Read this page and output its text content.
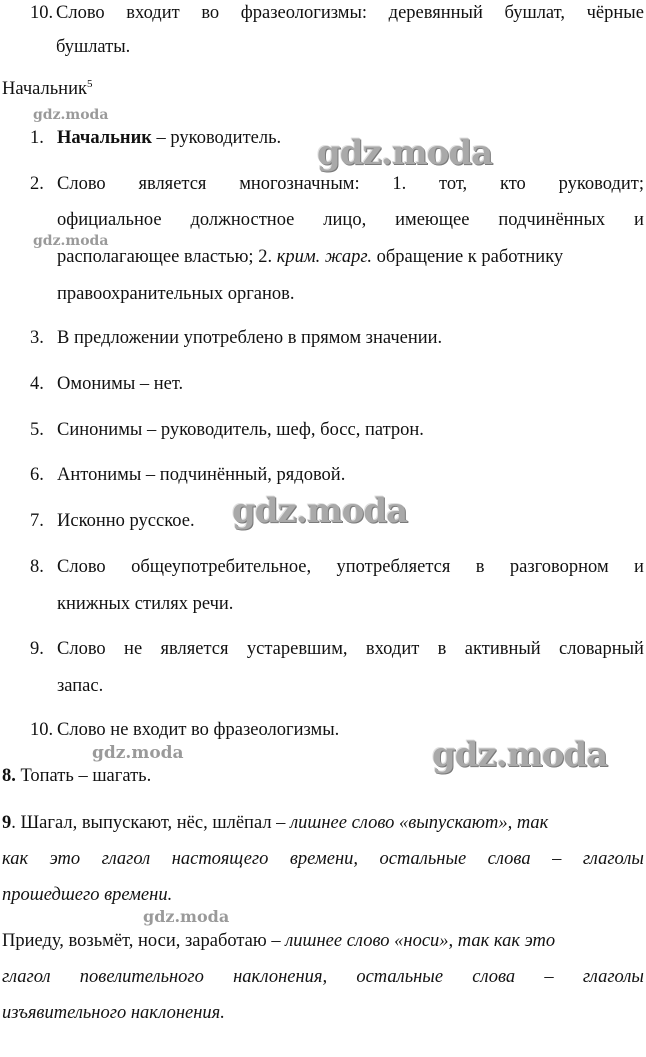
10. Слово входит во фразеологизмы: деревянный бушлат, чёрные
бушлаты.
Начальник$^5$
1. Начальник – руководитель.
2. Слово является многозначным: 1. тот, кто руководит;
официальное должностное лицо, имеющее подчинённых и
располагающее властью; 2. крим. жарг. обращение к работнику
правоохранительных органов.
3. В предложении употреблено в прямом значении.
4. Омонимы – нет.
5. Синонимы – руководитель, шеф, босс, патрон.
6. Антонимы – подчинённый, рядовой.
7. Исконно русское.
8. Слово общеупотребительное, употребляется в разговорном и
книжных стилях речи.
9. Слово не является устаревшим, входит в активный словарный
запас.
10. Слово не входит во фразеологизмы.
8. Топать – шагать.
9. Шагал, выпускают, нёс, шлёпал – лишнее слово «выпускают», так
как это глагол настоящего времени, остальные слова – глаголы
прошедшего времени.
Приеду, возьмёт, носи, заработаю – лишнее слово «носи», так как это
глагол повелительного наклонения, остальные слова – глаголы
изъявительного наклонения.
gdz.moda
gdz.moda
gdz.moda
gdz.moda
gdz.moda	gdz.moda
gdz.moda
